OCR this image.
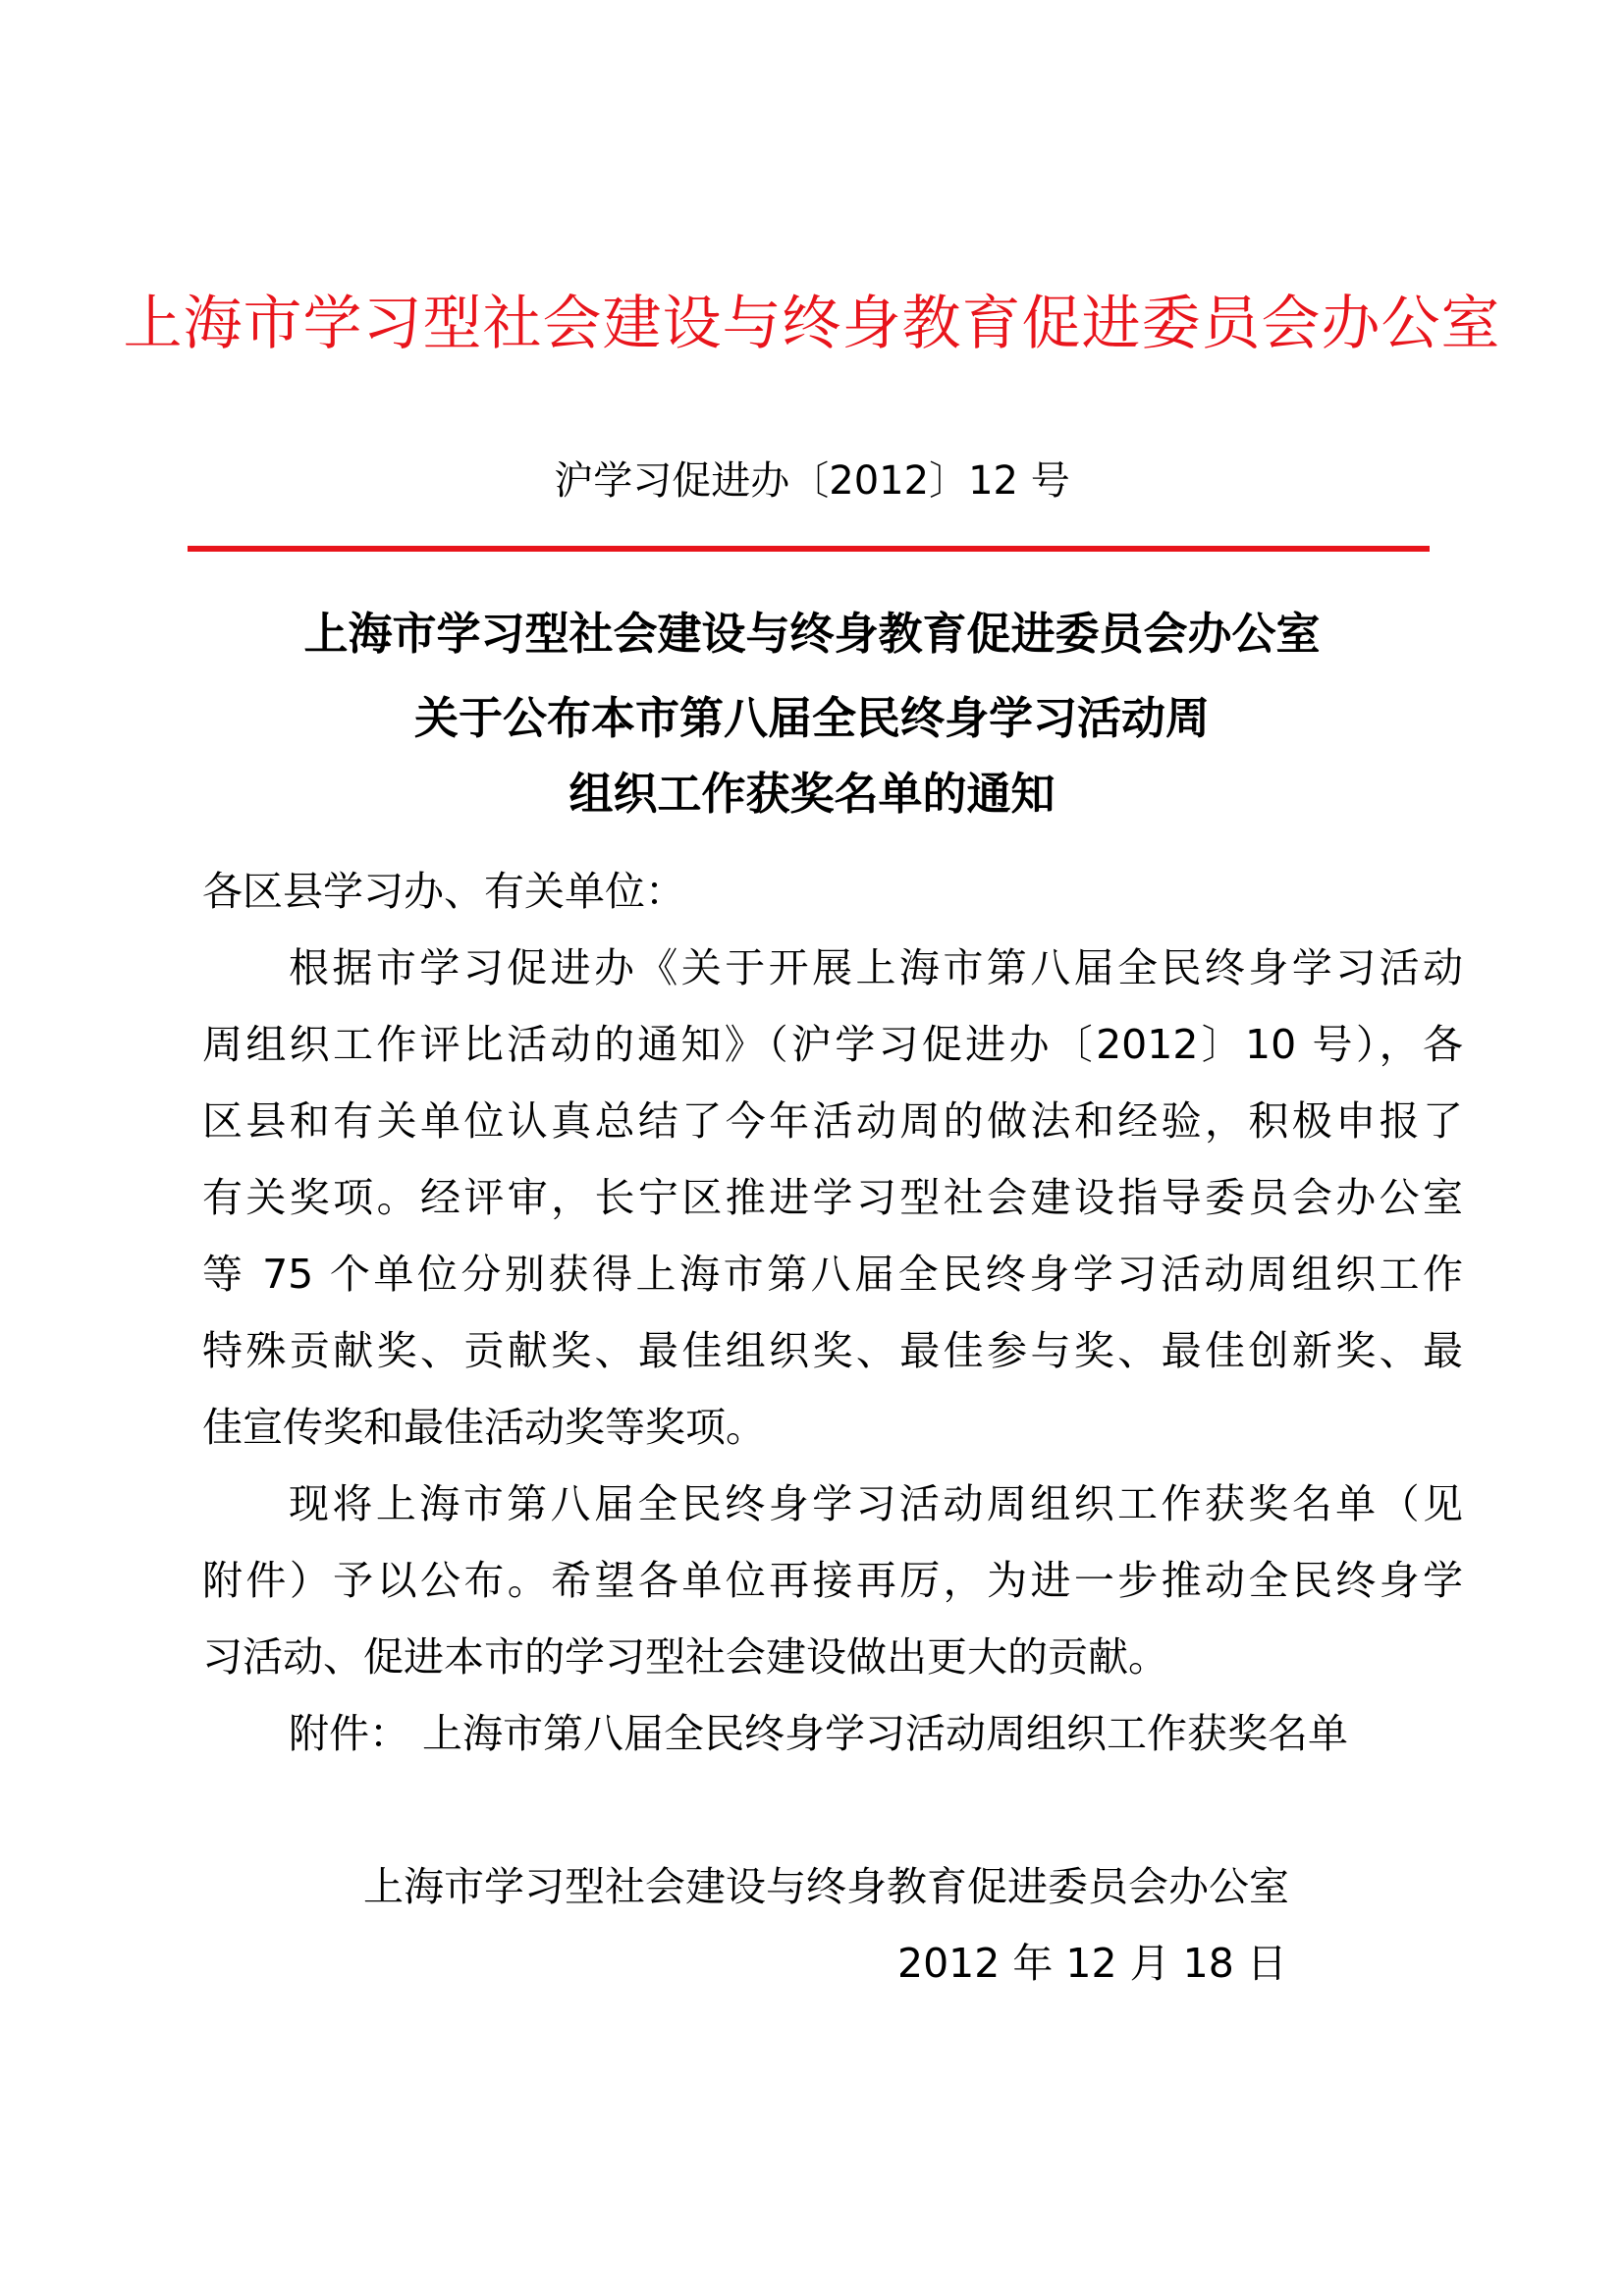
上海市学习型社会建设与终身教育促进委员会办公室
沪学习促进办〔2012〕12 号
上海市学习型社会建设与终身教育促进委员会办公室
关于公布本市第八届全民终身学习活动周
组织工作获奖名单的通知
各区县学习办、有关单位：
根据市学习促进办《关于开展上海市第八届全民终身学习活动
周组织工作评比活动的通知》（沪学习促进办〔2012〕10 号），各
区县和有关单位认真总结了今年活动周的做法和经验，积极申报了
有关奖项。经评审，长宁区推进学习型社会建设指导委员会办公室
等 75 个单位分别获得上海市第八届全民终身学习活动周组织工作
特殊贡献奖、贡献奖、最佳组织奖、最佳参与奖、最佳创新奖、最
佳宣传奖和最佳活动奖等奖项。
现将上海市第八届全民终身学习活动周组织工作获奖名单（见
附件）予以公布。希望各单位再接再厉，为进一步推动全民终身学
习活动、促进本市的学习型社会建设做出更大的贡献。
附件： 上海市第八届全民终身学习活动周组织工作获奖名单
上海市学习型社会建设与终身教育促进委员会办公室
2012 年 12 月 18 日
